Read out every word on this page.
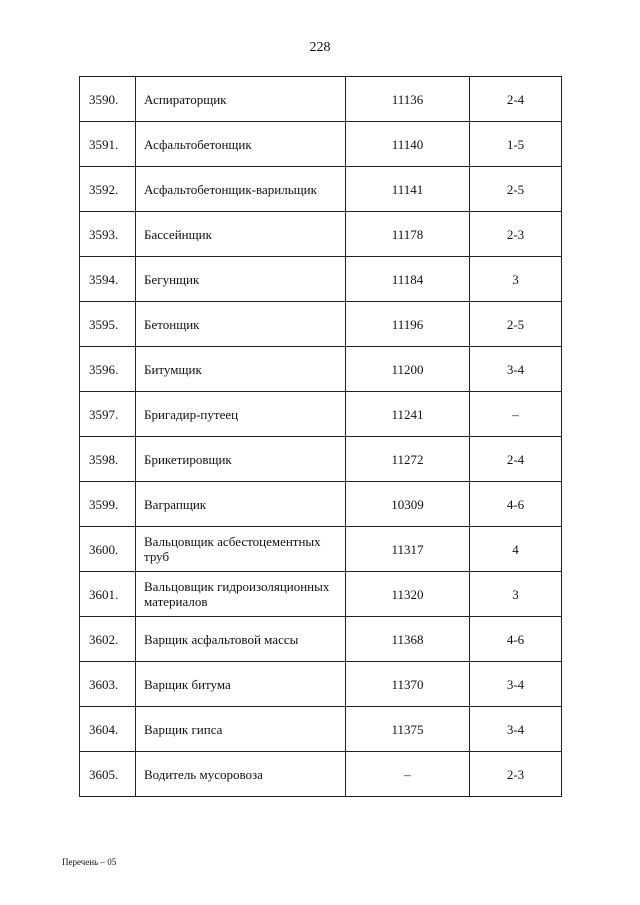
228
3590.	Аспираторщик	11136	2-4
3591.	Асфальтобетонщик	11140	1-5
3592.	Асфальтобетонщик-варильщик	11141	2-5
3593.	Бассейнщик	11178	2-3
3594.	Бегунщик	11184	3
3595.	Бетонщик	11196	2-5
3596.	Битумщик	11200	3-4
3597.	Бригадир-путеец	11241	–
3598.	Брикетировщик	11272	2-4
3599.	Ваграпщик	10309	4-6
3600.	Вальцовщик асбестоцементных труб	11317	4
3601.	Вальцовщик гидроизоляционных материалов	11320	3
3602.	Варщик асфальтовой массы	11368	4-6
3603.	Варщик битума	11370	3-4
3604.	Варщик гипса	11375	3-4
3605.	Водитель мусоровоза	–	2-3
Перечень – 05
